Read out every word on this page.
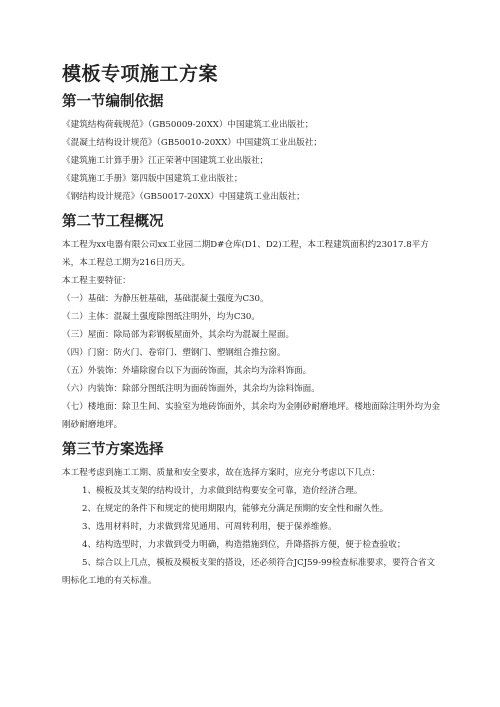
模板专项施工方案
第一节编制依据

《建筑结构荷载规范》（GB50009-20XX）中国建筑工业出版社；

《混凝土结构设计规范》（GB50010-20XX）中国建筑工业出版社；

《建筑施工计算手册》江正荣著中国建筑工业出版社；

《建筑施工手册》第四版中国建筑工业出版社；

《钢结构设计规范》（GB50017-20XX）中国建筑工业出版社；

第二节工程概况

本工程为xx电器有限公司xx工业园二期D#仓库(D1、D2)工程，本工程建筑面积约23017.8平方米，本工程总工期为216日历天。

本工程主要特征：

（一）基础：为静压桩基础，基础混凝土强度为C30。

（二）主体：混凝土强度除图纸注明外，均为C30。

（三）屋面：除局部为彩钢板屋面外，其余均为混凝土屋面。

（四）门窗：防火门、卷帘门、塑钢门、塑钢组合推拉窗。

（五）外装饰：外墙除窗台以下为面砖饰面，其余均为涂料饰面。

（六）内装饰：除部分图纸注明为面砖饰面外，其余均为涂料饰面。

（七）楼地面：除卫生间、实验室为地砖饰面外，其余均为金刚砂耐磨地坪。楼地面除注明外均为金刚砂耐磨地坪。

第三节方案选择

本工程考虑到施工工期、质量和安全要求，故在选择方案时，应充分考虑以下几点：

1、模板及其支架的结构设计，力求做到结构要安全可靠，造价经济合理。

2、在规定的条件下和规定的使用期限内，能够充分满足预期的安全性和耐久性。

3、选用材料时，力求做到常见通用、可周转利用，便于保养维修。

4、结构选型时，力求做到受力明确，构造措施到位，升降搭拆方便，便于检查验收；

5、综合以上几点，模板及模板支架的搭设，还必须符合JCJ59-99检查标准要求，要符合省文明标化工地的有关标准。
